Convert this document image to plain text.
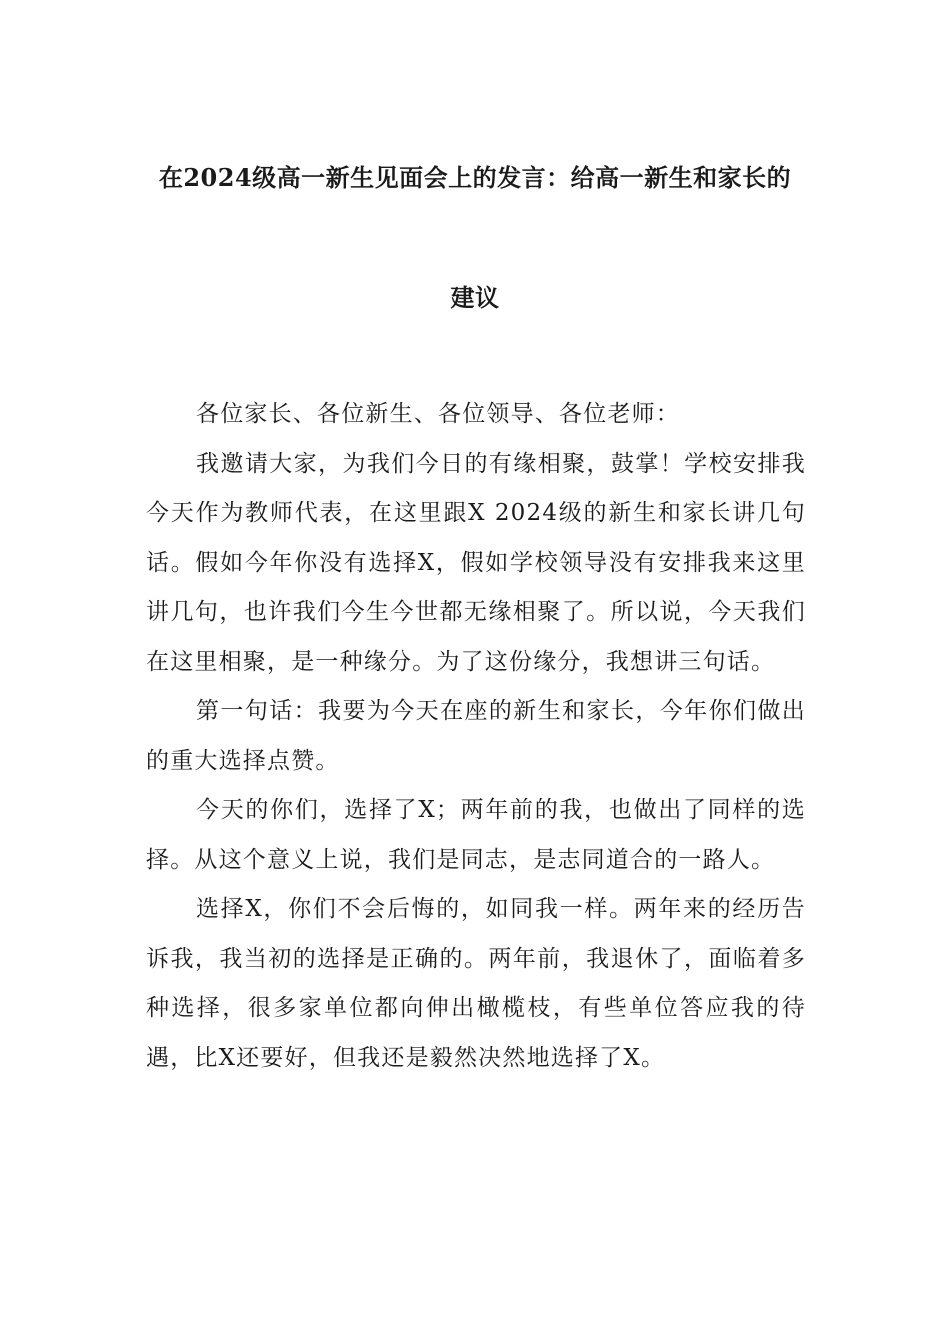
在2024级高一新生见面会上的发言：给高一新生和家长的
建议

各位家长、各位新生、各位领导、各位老师：

我邀请大家，为我们今日的有缘相聚，鼓掌！学校安排我今天作为教师代表，在这里跟X 2024级的新生和家长讲几句话。假如今年你没有选择X，假如学校领导没有安排我来这里讲几句，也许我们今生今世都无缘相聚了。所以说，今天我们在这里相聚，是一种缘分。为了这份缘分，我想讲三句话。

第一句话：我要为今天在座的新生和家长，今年你们做出的重大选择点赞。

今天的你们，选择了X；两年前的我，也做出了同样的选择。从这个意义上说，我们是同志，是志同道合的一路人。

选择X，你们不会后悔的，如同我一样。两年来的经历告诉我，我当初的选择是正确的。两年前，我退休了，面临着多种选择，很多家单位都向伸出橄榄枝，有些单位答应我的待遇，比X还要好，但我还是毅然决然地选择了X。
